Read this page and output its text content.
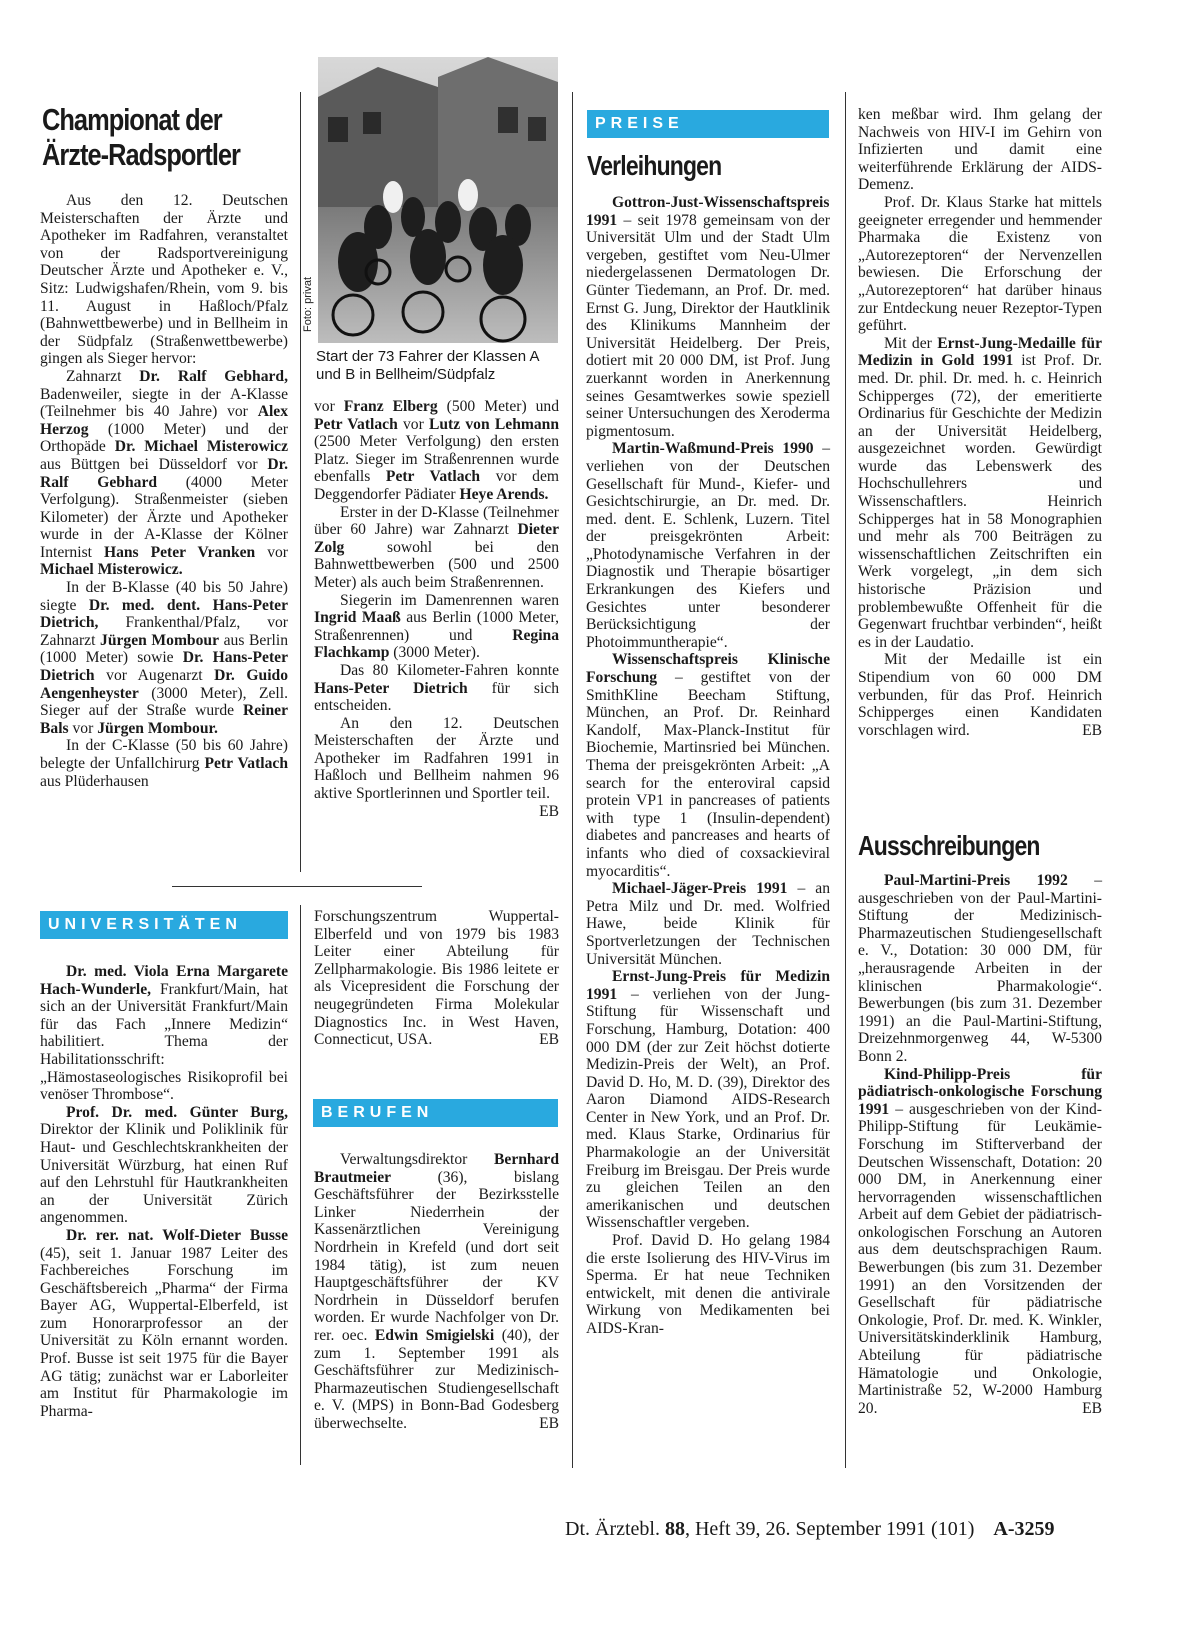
Championat der
Ärzte-Radsportler

Aus den 12. Deutschen Meisterschaften der Ärzte und Apotheker im Radfahren, veranstaltet von der Radsportvereinigung Deutscher Ärzte und Apotheker e. V., Sitz: Ludwigshafen/Rhein, vom 9. bis 11. August in Haßloch/Pfalz (Bahnwettbewerbe) und in Bellheim in der Südpfalz (Straßenwettbewerbe) gingen als Sieger hervor:

Zahnarzt Dr. Ralf Gebhard, Badenweiler, siegte in der A-Klasse (Teilnehmer bis 40 Jahre) vor Alex Herzog (1000 Meter) und der Orthopäde Dr. Michael Misterowicz aus Büttgen bei Düsseldorf vor Dr. Ralf Gebhard (4000 Meter Verfolgung). Straßenmeister (sieben Kilometer) der Ärzte und Apotheker wurde in der A-Klasse der Kölner Internist Hans Peter Vranken vor Michael Misterowicz.

In der B-Klasse (40 bis 50 Jahre) siegte Dr. med. dent. Hans-Peter Dietrich, Frankenthal/Pfalz, vor Zahnarzt Jürgen Mombour aus Berlin (1000 Meter) sowie Dr. Hans-Peter Dietrich vor Augenarzt Dr. Guido Aengenheyster (3000 Meter), Zell. Sieger auf der Straße wurde Reiner Bals vor Jürgen Mombour.

In der C-Klasse (50 bis 60 Jahre) belegte der Unfallchirurg Petr Vatlach aus Plüderhausen

Foto: privat
Start der 73 Fahrer der Klassen A und B in Bellheim/Südpfalz

vor Franz Elberg (500 Meter) und Petr Vatlach vor Lutz von Lehmann (2500 Meter Verfolgung) den ersten Platz. Sieger im Straßenrennen wurde ebenfalls Petr Vatlach vor dem Deggendorfer Pädiater Heye Arends.

Erster in der D-Klasse (Teilnehmer über 60 Jahre) war Zahnarzt Dieter Zolg sowohl bei den Bahnwettbewerben (500 und 2500 Meter) als auch beim Straßenrennen.

Siegerin im Damenrennen waren Ingrid Maaß aus Berlin (1000 Meter, Straßenrennen) und Regina Flachkamp (3000 Meter).

Das 80 Kilometer-Fahren konnte Hans-Peter Dietrich für sich entscheiden.

An den 12. Deutschen Meisterschaften der Ärzte und Apotheker im Radfahren 1991 in Haßloch und Bellheim nahmen 96 aktive Sportlerinnen und Sportler teil.

EB

UNIVERSITÄTEN

Dr. med. Viola Erna Margarete Hach-Wunderle, Frankfurt/Main, hat sich an der Universität Frankfurt/Main für das Fach „Innere Medizin“ habilitiert. Thema der Habilitationsschrift: „Hämostaseologisches Risikoprofil bei venöser Thrombose“.

Prof. Dr. med. Günter Burg, Direktor der Klinik und Poliklinik für Haut- und Geschlechtskrankheiten der Universität Würzburg, hat einen Ruf auf den Lehrstuhl für Hautkrankheiten an der Universität Zürich angenommen.

Dr. rer. nat. Wolf-Dieter Busse (45), seit 1. Januar 1987 Leiter des Fachbereiches Forschung im Geschäftsbereich „Pharma“ der Firma Bayer AG, Wuppertal-Elberfeld, ist zum Honorarprofessor an der Universität zu Köln ernannt worden. Prof. Busse ist seit 1975 für die Bayer AG tätig; zunächst war er Laborleiter am Institut für Pharmakologie im Pharma-

Forschungszentrum Wuppertal-Elberfeld und von 1979 bis 1983 Leiter einer Abteilung für Zellpharmakologie. Bis 1986 leitete er als Vicepresident die Forschung der neugegründeten Firma Molekular Diagnostics Inc. in West Haven, Connecticut, USA.	EB

BERUFEN

Verwaltungsdirektor Bernhard Brautmeier (36), bislang Geschäftsführer der Bezirksstelle Linker Niederrhein der Kassenärztlichen Vereinigung Nordrhein in Krefeld (und dort seit 1984 tätig), ist zum neuen Hauptgeschäftsführer der KV Nordrhein in Düsseldorf berufen worden. Er wurde Nachfolger von Dr. rer. oec. Edwin Smigielski (40), der zum 1. September 1991 als Geschäftsführer zur Medizinisch-Pharmazeutischen Studiengesellschaft e. V. (MPS) in Bonn-Bad Godesberg überwechselte.	EB

PREISE
Verleihungen

Gottron-Just-Wissenschaftspreis 1991 – seit 1978 gemeinsam von der Universität Ulm und der Stadt Ulm vergeben, gestiftet vom Neu-Ulmer niedergelassenen Dermatologen Dr. Günter Tiedemann, an Prof. Dr. med. Ernst G. Jung, Direktor der Hautklinik des Klinikums Mannheim der Universität Heidelberg. Der Preis, dotiert mit 20 000 DM, ist Prof. Jung zuerkannt worden in Anerkennung seines Gesamtwerkes sowie speziell seiner Untersuchungen des Xeroderma pigmentosum.

Martin-Waßmund-Preis 1990 – verliehen von der Deutschen Gesellschaft für Mund-, Kiefer- und Gesichtschirurgie, an Dr. med. Dr. med. dent. E. Schlenk, Luzern. Titel der preisgekrönten Arbeit: „Photodynamische Verfahren in der Diagnostik und Therapie bösartiger Erkrankungen des Kiefers und Gesichtes unter besonderer Berücksichtigung der Photoimmuntherapie“.

Wissenschaftspreis Klinische Forschung – gestiftet von der SmithKline Beecham Stiftung, München, an Prof. Dr. Reinhard Kandolf, Max-Planck-Institut für Biochemie, Martinsried bei München. Thema der preisgekrönten Arbeit: „A search for the enteroviral capsid protein VP1 in pancreases of patients with type 1 (Insulin-dependent) diabetes and pancreases and hearts of infants who died of coxsackieviral myocarditis“.

Michael-Jäger-Preis 1991 – an Petra Milz und Dr. med. Wolfried Hawe, beide Klinik für Sportverletzungen der Technischen Universität München.

Ernst-Jung-Preis für Medizin 1991 – verliehen von der Jung-Stiftung für Wissenschaft und Forschung, Hamburg, Dotation: 400 000 DM (der zur Zeit höchst dotierte Medizin-Preis der Welt), an Prof. David D. Ho, M. D. (39), Direktor des Aaron Diamond AIDS-Research Center in New York, und an Prof. Dr. med. Klaus Starke, Ordinarius für Pharmakologie an der Universität Freiburg im Breisgau. Der Preis wurde zu gleichen Teilen an den amerikanischen und deutschen Wissenschaftler vergeben.

Prof. David D. Ho gelang 1984 die erste Isolierung des HIV-Virus im Sperma. Er hat neue Techniken entwickelt, mit denen die antivirale Wirkung von Medikamenten bei AIDS-Kran-

ken meßbar wird. Ihm gelang der Nachweis von HIV-I im Gehirn von Infizierten und damit eine weiterführende Erklärung der AIDS-Demenz.

Prof. Dr. Klaus Starke hat mittels geeigneter erregender und hemmender Pharmaka die Existenz von „Autorezeptoren“ der Nervenzellen bewiesen. Die Erforschung der „Autorezeptoren“ hat darüber hinaus zur Entdeckung neuer Rezeptor-Typen geführt.

Mit der Ernst-Jung-Medaille für Medizin in Gold 1991 ist Prof. Dr. med. Dr. phil. Dr. med. h. c. Heinrich Schipperges (72), der emeritierte Ordinarius für Geschichte der Medizin an der Universität Heidelberg, ausgezeichnet worden. Gewürdigt wurde das Lebenswerk des Hochschullehrers und Wissenschaftlers. Heinrich Schipperges hat in 58 Monographien und mehr als 700 Beiträgen zu wissenschaftlichen Zeitschriften ein Werk vorgelegt, „in dem sich historische Präzision und problembewußte Offenheit für die Gegenwart fruchtbar verbinden“, heißt es in der Laudatio.

Mit der Medaille ist ein Stipendium von 60 000 DM verbunden, für das Prof. Heinrich Schipperges einen Kandidaten vorschlagen wird.	EB

Ausschreibungen

Paul-Martini-Preis 1992 – ausgeschrieben von der Paul-Martini-Stiftung der Medizinisch-Pharmazeutischen Studiengesellschaft e. V., Dotation: 30 000 DM, für „herausragende Arbeiten in der klinischen Pharmakologie“. Bewerbungen (bis zum 31. Dezember 1991) an die Paul-Martini-Stiftung, Dreizehnmorgenweg 44, W-5300 Bonn 2.

Kind-Philipp-Preis für pädiatrisch-onkologische Forschung 1991 – ausgeschrieben von der Kind-Philipp-Stiftung für Leukämie-Forschung im Stifterverband der Deutschen Wissenschaft, Dotation: 20 000 DM, in Anerkennung einer hervorragenden wissenschaftlichen Arbeit auf dem Gebiet der pädiatrisch-onkologischen Forschung an Autoren aus dem deutschsprachigen Raum. Bewerbungen (bis zum 31. Dezember 1991) an den Vorsitzenden der Gesellschaft für pädiatrische Onkologie, Prof. Dr. med. K. Winkler, Universitätskinderklinik Hamburg, Abteilung für pädiatrische Hämatologie und Onkologie, Martinistraße 52, W-2000 Hamburg 20.	EB

Dt. Ärztebl. 88, Heft 39, 26. September 1991 (101) A-3259
